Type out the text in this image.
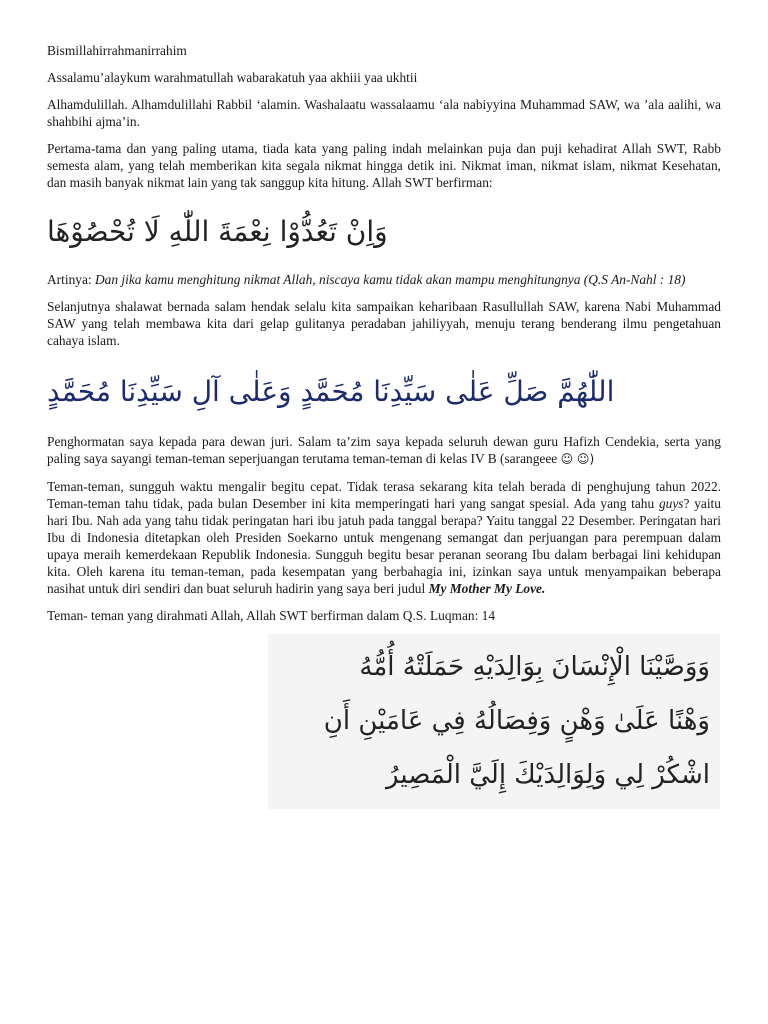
Bismillahirrahmanirrahim

Assalamu’alaykum warahmatullah wabarakatuh yaa akhiii yaa ukhtii

Alhamdulillah. Alhamdulillahi Rabbil ‘alamin. Washalaatu wassalaamu ‘ala nabiyyina Muhammad SAW, wa ’ala aalihi, wa shahbihi ajma’in.

Pertama-tama dan yang paling utama, tiada kata yang paling indah melainkan puja dan puji kehadirat Allah SWT, Rabb semesta alam, yang telah memberikan kita segala nikmat hingga detik ini. Nikmat iman, nikmat islam, nikmat Kesehatan, dan masih banyak nikmat lain yang tak sanggup kita hitung. Allah SWT berfirman:

وَاِنْ تَعُدُّوْا نِعْمَةَ اللّٰهِ لَا تُحْصُوْهَا

Artinya: Dan jika kamu menghitung nikmat Allah, niscaya kamu tidak akan mampu menghitungnya (Q.S An-Nahl : 18)

Selanjutnya shalawat bernada salam hendak selalu kita sampaikan keharibaan Rasullullah SAW, karena Nabi Muhammad SAW yang telah membawa kita dari gelap gulitanya peradaban jahiliyyah, menuju terang benderang ilmu pengetahuan cahaya islam.

اللّٰهُمَّ صَلِّ عَلٰى سَيِّدِنَا مُحَمَّدٍ وَعَلٰى آلِ سَيِّدِنَا مُحَمَّدٍ

Penghormatan saya kepada para dewan juri. Salam ta’zim saya kepada seluruh dewan guru Hafizh Cendekia, serta yang paling saya sayangi teman-teman seperjuangan terutama teman-teman di kelas IV B (sarangeee ☺ ☺)

Teman-teman, sungguh waktu mengalir begitu cepat. Tidak terasa sekarang kita telah berada di penghujung tahun 2022. Teman-teman tahu tidak, pada bulan Desember ini kita memperingati hari yang sangat spesial. Ada yang tahu guys? yaitu hari Ibu. Nah ada yang tahu tidak peringatan hari ibu jatuh pada tanggal berapa? Yaitu tanggal 22 Desember. Peringatan hari Ibu di Indonesia ditetapkan oleh Presiden Soekarno untuk mengenang semangat dan perjuangan para perempuan dalam upaya meraih kemerdekaan Republik Indonesia. Sungguh begitu besar peranan seorang Ibu dalam berbagai lini kehidupan kita. Oleh karena itu teman-teman, pada kesempatan yang berbahagia ini, izinkan saya untuk menyampaikan beberapa nasihat untuk diri sendiri dan buat seluruh hadirin yang saya beri judul My Mother My Love.

Teman- teman yang dirahmati Allah, Allah SWT berfirman dalam Q.S. Luqman: 14

وَوَصَّيْنَا الْإِنْسَانَ بِوَالِدَيْهِ حَمَلَتْهُ أُمُّهُ
وَهْنًا عَلَىٰ وَهْنٍ وَفِصَالُهُ فِي عَامَيْنِ أَنِ
اشْكُرْ لِي وَلِوَالِدَيْكَ إِلَيَّ الْمَصِيرُ
